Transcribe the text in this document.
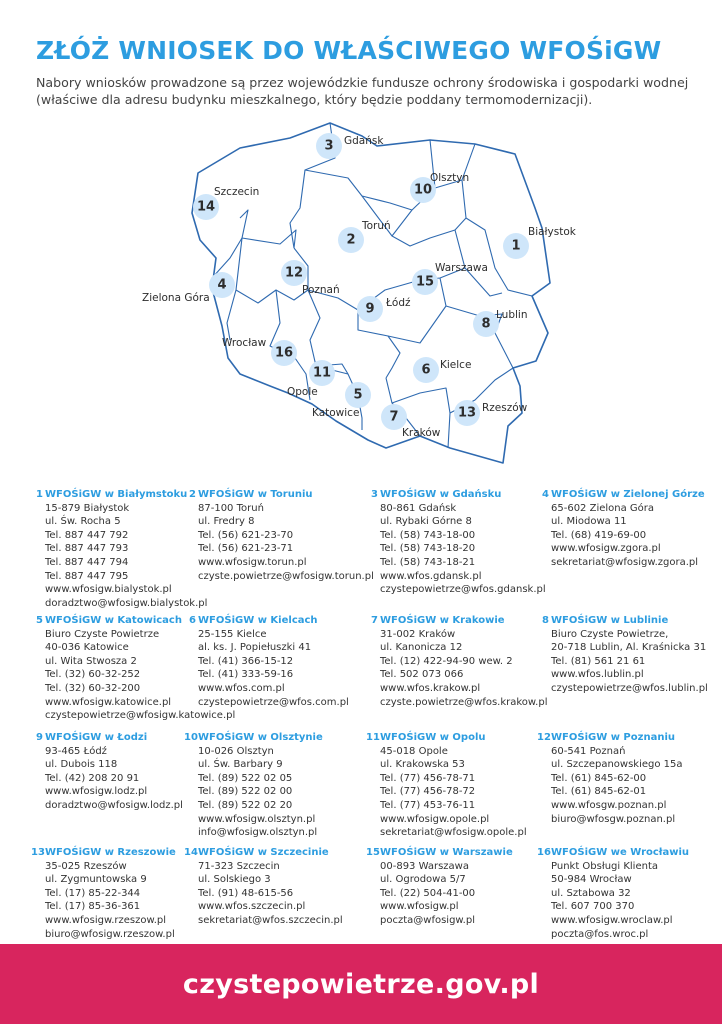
ZŁÓŻ WNIOSEK DO WŁAŚCIWEGO WFOŚiGW

Nabory wniosków prowadzone są przez wojewódzkie fundusze ochrony środowiska i gospodarki wodnej (właściwe dla adresu budynku mieszkalnego, który będzie poddany termomodernizacji).

1
2
3
4
5
6
7
8
9
10
11
12
13
14
15
16
Białystok
Toruń
Gdańsk
Zielona Góra
Katowice
Kielce
Kraków
Lublin
Łódź
Olsztyn
Opole
Poznań
Rzeszów
Szczecin
Warszawa
Wrocław
1 WFOŚiGW w Białymstoku
15-879 Białystok
ul. Św. Rocha 5
Tel. 887 447 792
Tel. 887 447 793
Tel. 887 447 794
Tel. 887 447 795
www.wfosigw.bialystok.pl
doradztwo@wfosigw.bialystok.pl
2 WFOŚiGW w Toruniu
87-100 Toruń
ul. Fredry 8
Tel. (56) 621-23-70
Tel. (56) 621-23-71
www.wfosigw.torun.pl
czyste.powietrze@wfosigw.torun.pl
3 WFOŚiGW w Gdańsku
80-861 Gdańsk
ul. Rybaki Górne 8
Tel. (58) 743-18-00
Tel. (58) 743-18-20
Tel. (58) 743-18-21
www.wfos.gdansk.pl
czystepowietrze@wfos.gdansk.pl
4 WFOŚiGW w Zielonej Górze
65-602 Zielona Góra
ul. Miodowa 11
Tel. (68) 419-69-00
www.wfosigw.zgora.pl
sekretariat@wfosigw.zgora.pl
5 WFOŚiGW w Katowicach
Biuro Czyste Powietrze
40-036 Katowice
ul. Wita Stwosza 2
Tel. (32) 60-32-252
Tel. (32) 60-32-200
www.wfosigw.katowice.pl
czystepowietrze@wfosigw.katowice.pl
6 WFOŚiGW w Kielcach
25-155 Kielce
al. ks. J. Popiełuszki 41
Tel. (41) 366-15-12
Tel. (41) 333-59-16
www.wfos.com.pl
czystepowietrze@wfos.com.pl
7 WFOŚiGW w Krakowie
31-002 Kraków
ul. Kanonicza 12
Tel. (12) 422-94-90 wew. 2
Tel. 502 073 066
www.wfos.krakow.pl
czyste.powietrze@wfos.krakow.pl
8 WFOŚiGW w Lublinie
Biuro Czyste Powietrze,
20-718 Lublin, Al. Kraśnicka 31
Tel. (81) 561 21 61
www.wfos.lublin.pl
czystepowietrze@wfos.lublin.pl
9 WFOŚiGW w Łodzi
93-465 Łódź
ul. Dubois 118
Tel. (42) 208 20 91
www.wfosigw.lodz.pl
doradztwo@wfosigw.lodz.pl
10 WFOŚiGW w Olsztynie
10-026 Olsztyn
ul. Św. Barbary 9
Tel. (89) 522 02 05
Tel. (89) 522 02 00
Tel. (89) 522 02 20
www.wfosigw.olsztyn.pl
info@wfosigw.olsztyn.pl
11 WFOŚiGW w Opolu
45-018 Opole
ul. Krakowska 53
Tel. (77) 456-78-71
Tel. (77) 456-78-72
Tel. (77) 453-76-11
www.wfosigw.opole.pl
sekretariat@wfosigw.opole.pl
12 WFOŚiGW w Poznaniu
60-541 Poznań
ul. Szczepanowskiego 15a
Tel. (61) 845-62-00
Tel. (61) 845-62-01
www.wfosgw.poznan.pl
biuro@wfosgw.poznan.pl
13 WFOŚiGW w Rzeszowie
35-025 Rzeszów
ul. Zygmuntowska 9
Tel. (17) 85-22-344
Tel. (17) 85-36-361
www.wfosigw.rzeszow.pl
biuro@wfosigw.rzeszow.pl
14 WFOŚiGW w Szczecinie
71-323 Szczecin
ul. Solskiego 3
Tel. (91) 48-615-56
www.wfos.szczecin.pl
sekretariat@wfos.szczecin.pl
15 WFOŚiGW w Warszawie
00-893 Warszawa
ul. Ogrodowa 5/7
Tel. (22) 504-41-00
www.wfosigw.pl
poczta@wfosigw.pl
16 WFOŚiGW we Wrocławiu
Punkt Obsługi Klienta
50-984 Wrocław
ul. Sztabowa 32
Tel. 607 700 370
www.wfosigw.wroclaw.pl
poczta@fos.wroc.pl
czystepowietrze.gov.pl
